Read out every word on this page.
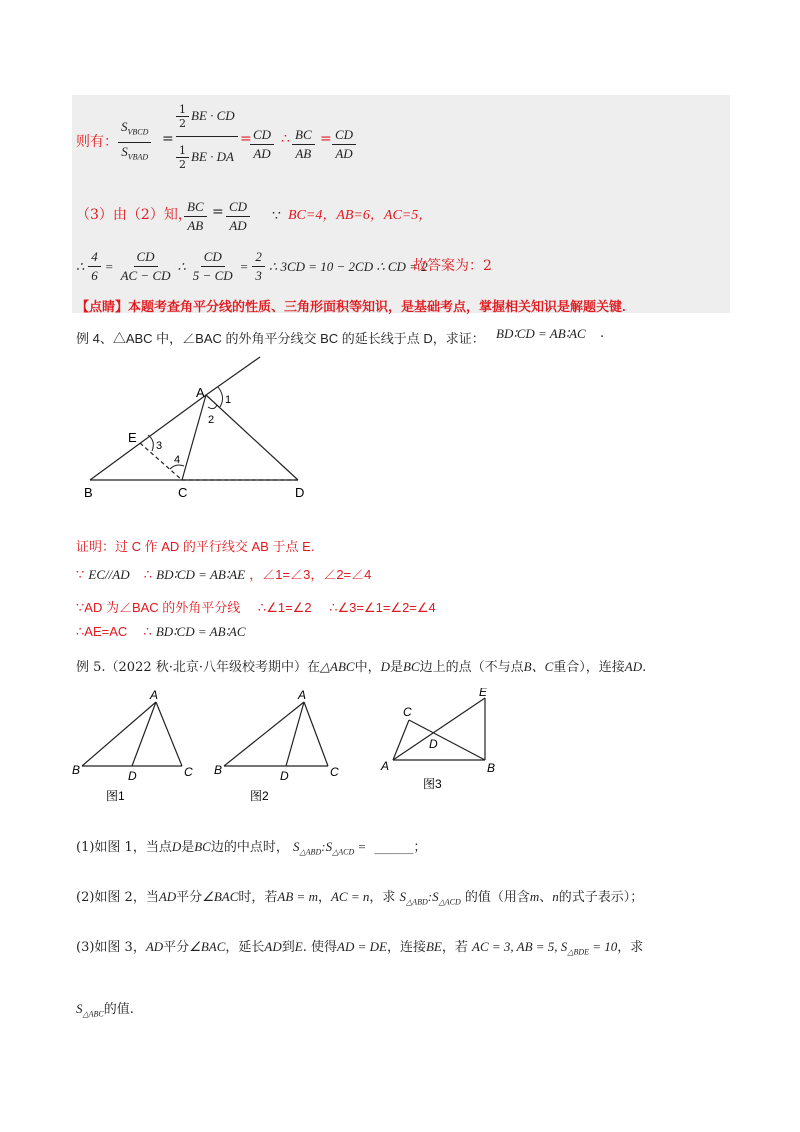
则有： $\frac{S_{VBCD}}{S_{VBAD}}$ =
$\frac{1}{2}$ BE · CD
$\frac{1}{2}$ BE · DA
=
$\frac{CD}{AD}$ ∴ $\frac{BC}{AB} = \frac{CD}{AD}$
（3）由（2）知，
$\frac{BC}{AB} = \frac{CD}{AD}$ ∵ BC=4，AB=6，AC=5，
∴ $\frac{4}{6} = \frac{CD}{AC - CD}$ ∴ $\frac{CD}{5 - CD} = \frac{2}{3}$ ∴ 3CD = 10 − 2CD ∴ CD = 2
故答案为：2
【点睛】本题考查角平分线的性质、三角形面积等知识，是基础考点，掌握相关知识是解题关键.
例 4、△ABC 中，∠BAC 的外角平分线交 BC 的延长线于点 D，求证： BD∶CD = AB∶AC .
A
B	C	D
E
1
2
3
4
证明：过 C 作 AD 的平行线交 AB 于点 E.
∵ EC//AD ∴ BD∶CD = AB∶AE ，∠1=∠3，∠2=∠4
∵AD 为∠BAC 的外角平分线 ∴∠1=∠2 ∴∠3=∠1=∠2=∠4
∴AE=AC ∴ BD∶CD = AB∶AC
例 5.（2022 秋·北京·八年级校考期中）在△ABC中，D是BC边上的点（不与点B、C重合），连接AD.
A
B	C
D
图1
A
B	C
D
图2
C
E
D
A	B
图3
(1)如图 1，当点D是BC边的中点时， $S_{\triangle ABD}:S_{\triangle ACD}$ = ______；
(2)如图 2，当AD平分∠BAC时，若AB = m，AC = n，求 $S_{\triangle ABD}:S_{\triangle ACD}$ 的值（用含m、n的式子表示）；
(3)如图 3，AD平分∠BAC，延长AD到E. 使得AD = DE，连接BE，若 AC = 3, AB = 5, $S_{\triangle BDE} = 10$，求
$S_{\triangle ABC}$的值.
